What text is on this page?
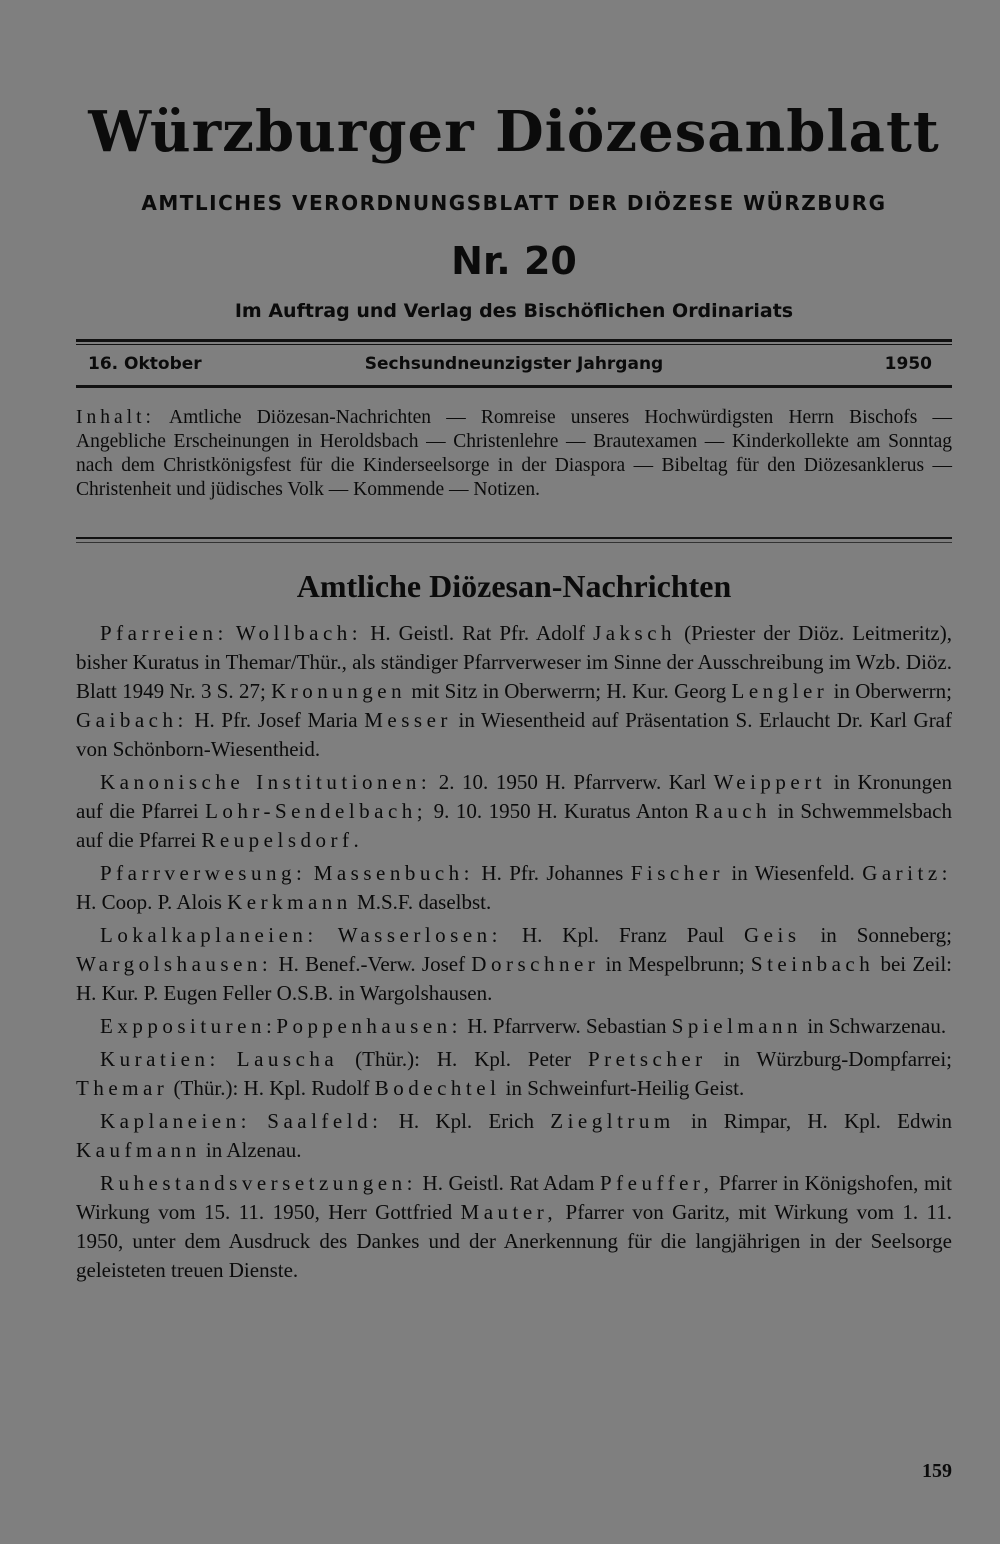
Würzburger Diözesanblatt
AMTLICHES VERORDNUNGSBLATT DER DIÖZESE WÜRZBURG
Nr. 20
Im Auftrag und Verlag des Bischöflichen Ordinariats
16. Oktober	Sechsundneunzigster Jahrgang	1950
Inhalt: Amtliche Diözesan-Nachrichten — Romreise unseres Hochwürdigsten Herrn Bischofs — Angebliche Erscheinungen in Heroldsbach — Christenlehre — Brautexamen — Kinderkollekte am Sonntag nach dem Christkönigsfest für die Kinderseelsorge in der Diaspora — Bibeltag für den Diözesanklerus — Christenheit und jüdisches Volk — Kommende — Notizen.
Amtliche Diözesan-Nachrichten

Pfarreien: Wollbach: H. Geistl. Rat Pfr. Adolf Jaksch (Priester der Diöz. Leitmeritz), bisher Kuratus in Themar/Thür., als ständiger Pfarrverweser im Sinne der Ausschreibung im Wzb. Diöz. Blatt 1949 Nr. 3 S. 27; Kronungen mit Sitz in Oberwerrn; H. Kur. Georg Lengler in Oberwerrn; Gaibach: H. Pfr. Josef Maria Messer in Wiesentheid auf Präsentation S. Erlaucht Dr. Karl Graf von Schönborn-Wiesentheid.

Kanonische Institutionen: 2. 10. 1950 H. Pfarrverw. Karl Weippert in Kronungen auf die Pfarrei Lohr-Sendelbach; 9. 10. 1950 H. Kuratus Anton Rauch in Schwemmelsbach auf die Pfarrei Reupelsdorf.

Pfarrverwesung: Massenbuch: H. Pfr. Johannes Fischer in Wiesenfeld. Garitz: H. Coop. P. Alois Kerkmann M.S.F. daselbst.

Lokalkaplaneien: Wasserlosen: H. Kpl. Franz Paul Geis in Sonneberg; Wargolshausen: H. Benef.-Verw. Josef Dorschner in Mespelbrunn; Steinbach bei Zeil: H. Kur. P. Eugen Feller O.S.B. in Wargolshausen.

Expposituren:Poppenhausen: H. Pfarrverw. Sebastian Spielmann in Schwarzenau.

Kuratien: Lauscha (Thür.): H. Kpl. Peter Pretscher in Würzburg-Dompfarrei; Themar (Thür.): H. Kpl. Rudolf Bodechtel in Schweinfurt-Heilig Geist.

Kaplaneien: Saalfeld: H. Kpl. Erich Ziegltrum in Rimpar, H. Kpl. Edwin Kaufmann in Alzenau.

Ruhestandsversetzungen: H. Geistl. Rat Adam Pfeuffer, Pfarrer in Königshofen, mit Wirkung vom 15. 11. 1950, Herr Gottfried Mauter, Pfarrer von Garitz, mit Wirkung vom 1. 11. 1950, unter dem Ausdruck des Dankes und der Anerkennung für die langjährigen in der Seelsorge geleisteten treuen Dienste.

159
